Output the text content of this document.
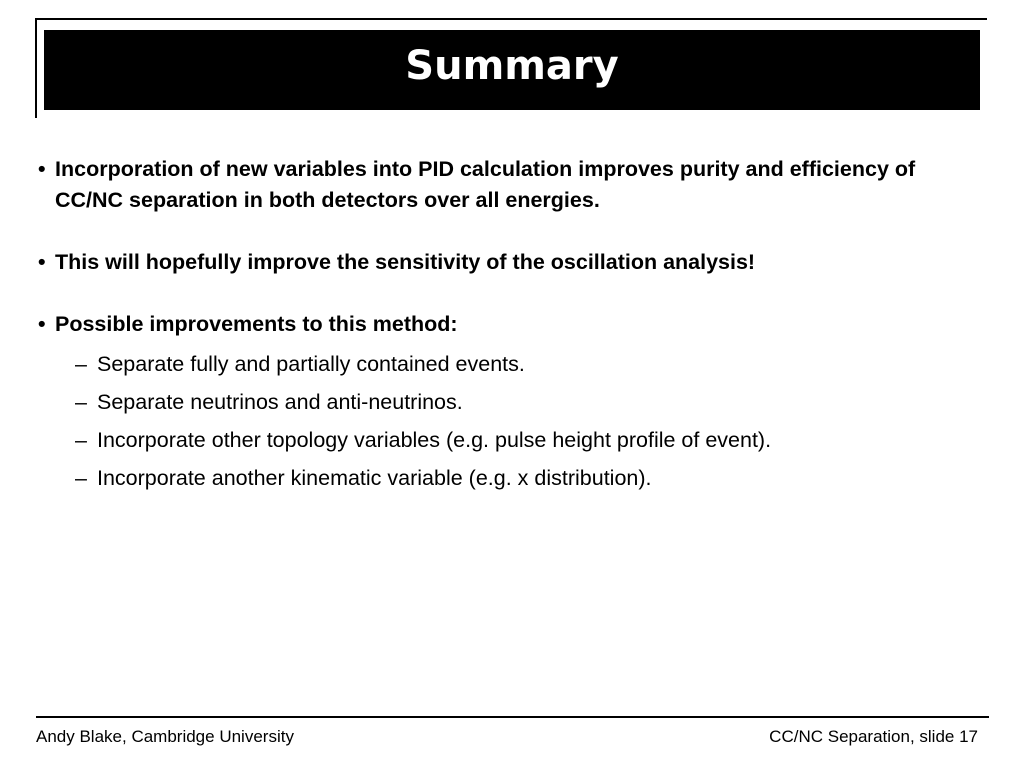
Summary

• Incorporation of new variables into PID calculation improves purity and efficiency of CC/NC separation in both detectors over all energies.

• This will hopefully improve the sensitivity of the oscillation analysis!

• Possible improvements to this method:
– Separate fully and partially contained events.
– Separate neutrinos and anti-neutrinos.
– Incorporate other topology variables (e.g. pulse height profile of event).
– Incorporate another kinematic variable (e.g. x distribution).
Andy Blake, Cambridge University	CC/NC Separation, slide 17
